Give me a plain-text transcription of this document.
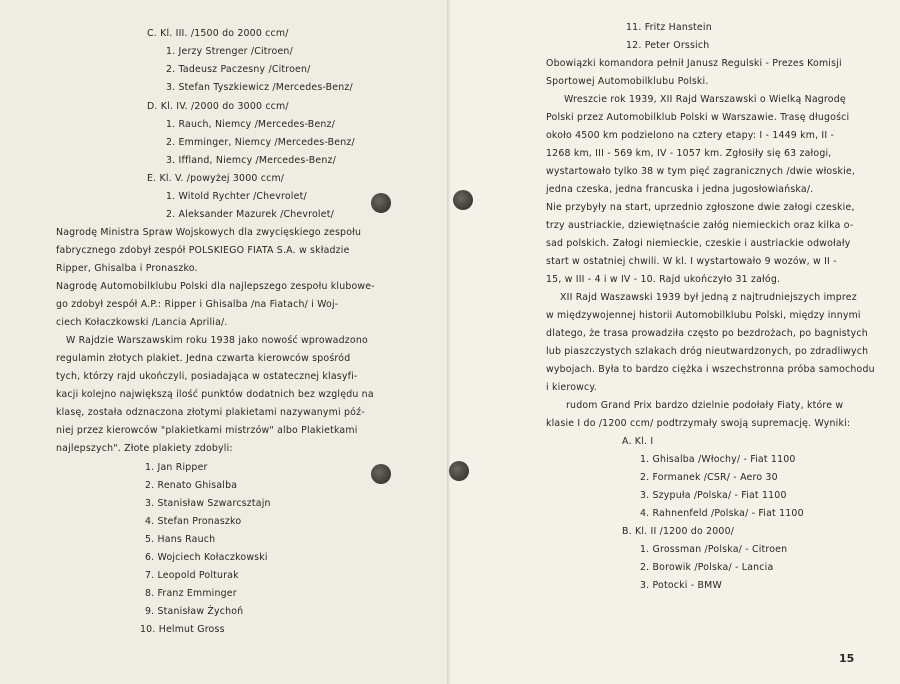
C. Kl. III. /1500 do 2000 ccm/
1. Jerzy Strenger /Citroen/
2. Tadeusz Paczesny /Citroen/
3. Stefan Tyszkiewicz /Mercedes-Benz/
D. Kl. IV. /2000 do 3000 ccm/
1. Rauch, Niemcy /Mercedes-Benz/
2. Emminger, Niemcy /Mercedes-Benz/
3. Iffland, Niemcy /Mercedes-Benz/
E. Kl. V. /powyżej 3000 ccm/
1. Witold Rychter /Chevrolet/
2. Aleksander Mazurek /Chevrolet/
Nagrodę Ministra Spraw Wojskowych dla zwycięskiego zespołu
fabrycznego zdobył zespół POLSKIEGO FIATA S.A. w składzie
Ripper, Ghisalba i Pronaszko.
Nagrodę Automobilklubu Polski dla najlepszego zespołu klubowe-
go zdobył zespół A.P.: Ripper i Ghisalba /na Fiatach/ i Woj-
ciech Kołaczkowski /Lancia Aprilia/.
W Rajdzie Warszawskim roku 1938 jako nowość wprowadzono
regulamin złotych plakiet. Jedna czwarta kierowców spośród
tych, którzy rajd ukończyli, posiadająca w ostatecznej klasyfi-
kacji kolejno największą ilość punktów dodatnich bez względu na
klasę, została odznaczona złotymi plakietami nazywanymi póź-
niej przez kierowców "plakietkami mistrzów" albo Plakietkami
najlepszych". Złote plakiety zdobyli:
1. Jan Ripper
2. Renato Ghisalba
3. Stanisław Szwarcsztajn
4. Stefan Pronaszko
5. Hans Rauch
6. Wojciech Kołaczkowski
7. Leopold Polturak
8. Franz Emminger
9. Stanisław Żychoń
10. Helmut Gross
11. Fritz Hanstein
12. Peter Orssich
Obowiązki komandora pełnił Janusz Regulski - Prezes Komisji
Sportowej Automobilklubu Polski.
Wreszcie rok 1939, XII Rajd Warszawski o Wielką Nagrodę
Polski przez Automobilklub Polski w Warszawie. Trasę długości
około 4500 km podzielono na cztery etapy: I - 1449 km, II -
1268 km, III - 569 km, IV - 1057 km. Zgłosiły się 63 załogi,
wystartowało tylko 38 w tym pięć zagranicznych /dwie włoskie,
jedna czeska, jedna francuska i jedna jugosłowiańska/.
Nie przybyły na start, uprzednio zgłoszone dwie załogi czeskie,
trzy austriackie, dziewiętnaście załóg niemieckich oraz kilka o-
sad polskich. Załogi niemieckie, czeskie i austriackie odwołały
start w ostatniej chwili. W kl. I wystartowało 9 wozów, w II -
15, w III - 4 i w IV - 10. Rajd ukończyło 31 załóg.
XII Rajd Waszawski 1939 był jedną z najtrudniejszych imprez
w międzywojennej historii Automobilklubu Polski, między innymi
dlatego, że trasa prowadziła często po bezdrożach, po bagnistych
lub piaszczystych szlakach dróg nieutwardzonych, po zdradliwych
wybojach. Była to bardzo ciężka i wszechstronna próba samochodu
i kierowcy.
rudom Grand Prix bardzo dzielnie podołały Fiaty, które w
klasie I do /1200 ccm/ podtrzymały swoją supremację. Wyniki:
A. Kl. I
1. Ghisalba /Włochy/ - Fiat 1100
2. Formanek /CSR/ - Aero 30
3. Szypuła /Polska/ - Fiat 1100
4. Rahnenfeld /Polska/ - Fiat 1100
B. Kl. II /1200 do 2000/
1. Grossman /Polska/ - Citroen
2. Borowik /Polska/ - Lancia
3. Potocki - BMW
15
